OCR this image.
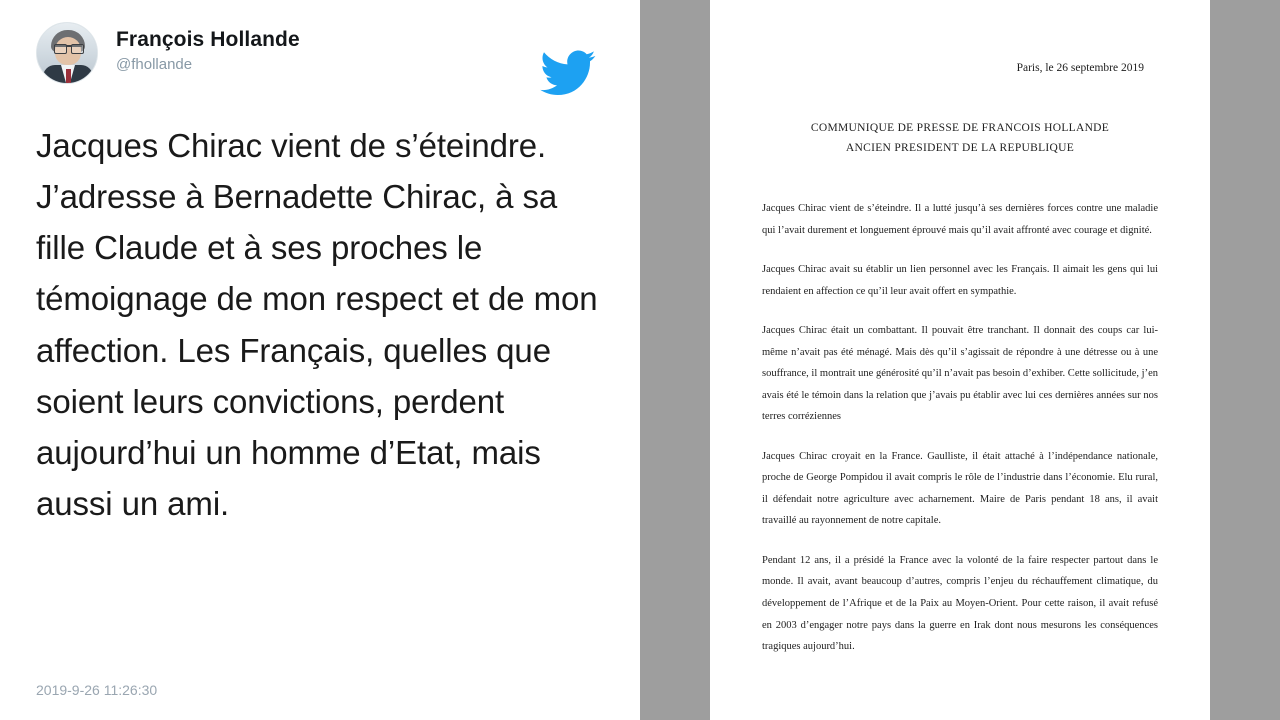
François Hollande
@fhollande
Jacques Chirac vient de s’éteindre. J’adresse à Bernadette Chirac, à sa fille Claude et à ses proches le témoignage de mon respect et de mon affection. Les Français, quelles que soient leurs convictions, perdent aujourd’hui un homme d’Etat, mais aussi un ami.
2019-9-26 11:26:30
Paris, le 26 septembre 2019
COMMUNIQUE DE PRESSE DE FRANCOIS HOLLANDE
ANCIEN PRESIDENT DE LA REPUBLIQUE

Jacques Chirac vient de s’éteindre. Il a lutté jusqu’à ses dernières forces contre une maladie qui l’avait durement et longuement éprouvé mais qu’il avait affronté avec courage et dignité.

Jacques Chirac avait su établir un lien personnel avec les Français. Il aimait les gens qui lui rendaient en affection ce qu’il leur avait offert en sympathie.

Jacques Chirac était un combattant. Il pouvait être tranchant. Il donnait des coups car lui-même n’avait pas été ménagé. Mais dès qu’il s’agissait de répondre à une détresse ou à une souffrance, il montrait une générosité qu’il n’avait pas besoin d’exhiber. Cette sollicitude, j’en avais été le témoin dans la relation que j’avais pu établir avec lui ces dernières années sur nos terres corréziennes

Jacques Chirac croyait en la France. Gaulliste, il était attaché à l’indépendance nationale, proche de George Pompidou il avait compris le rôle de l’industrie dans l’économie. Elu rural, il défendait notre agriculture avec acharnement. Maire de Paris pendant 18 ans, il avait travaillé au rayonnement de notre capitale.

Pendant 12 ans, il a présidé la France avec la volonté de la faire respecter partout dans le monde. Il avait, avant beaucoup d’autres, compris l’enjeu du réchauffement climatique, du développement de l’Afrique et de la Paix au Moyen-Orient. Pour cette raison, il avait refusé en 2003 d’engager notre pays dans la guerre en Irak dont nous mesurons les conséquences tragiques aujourd’hui.
